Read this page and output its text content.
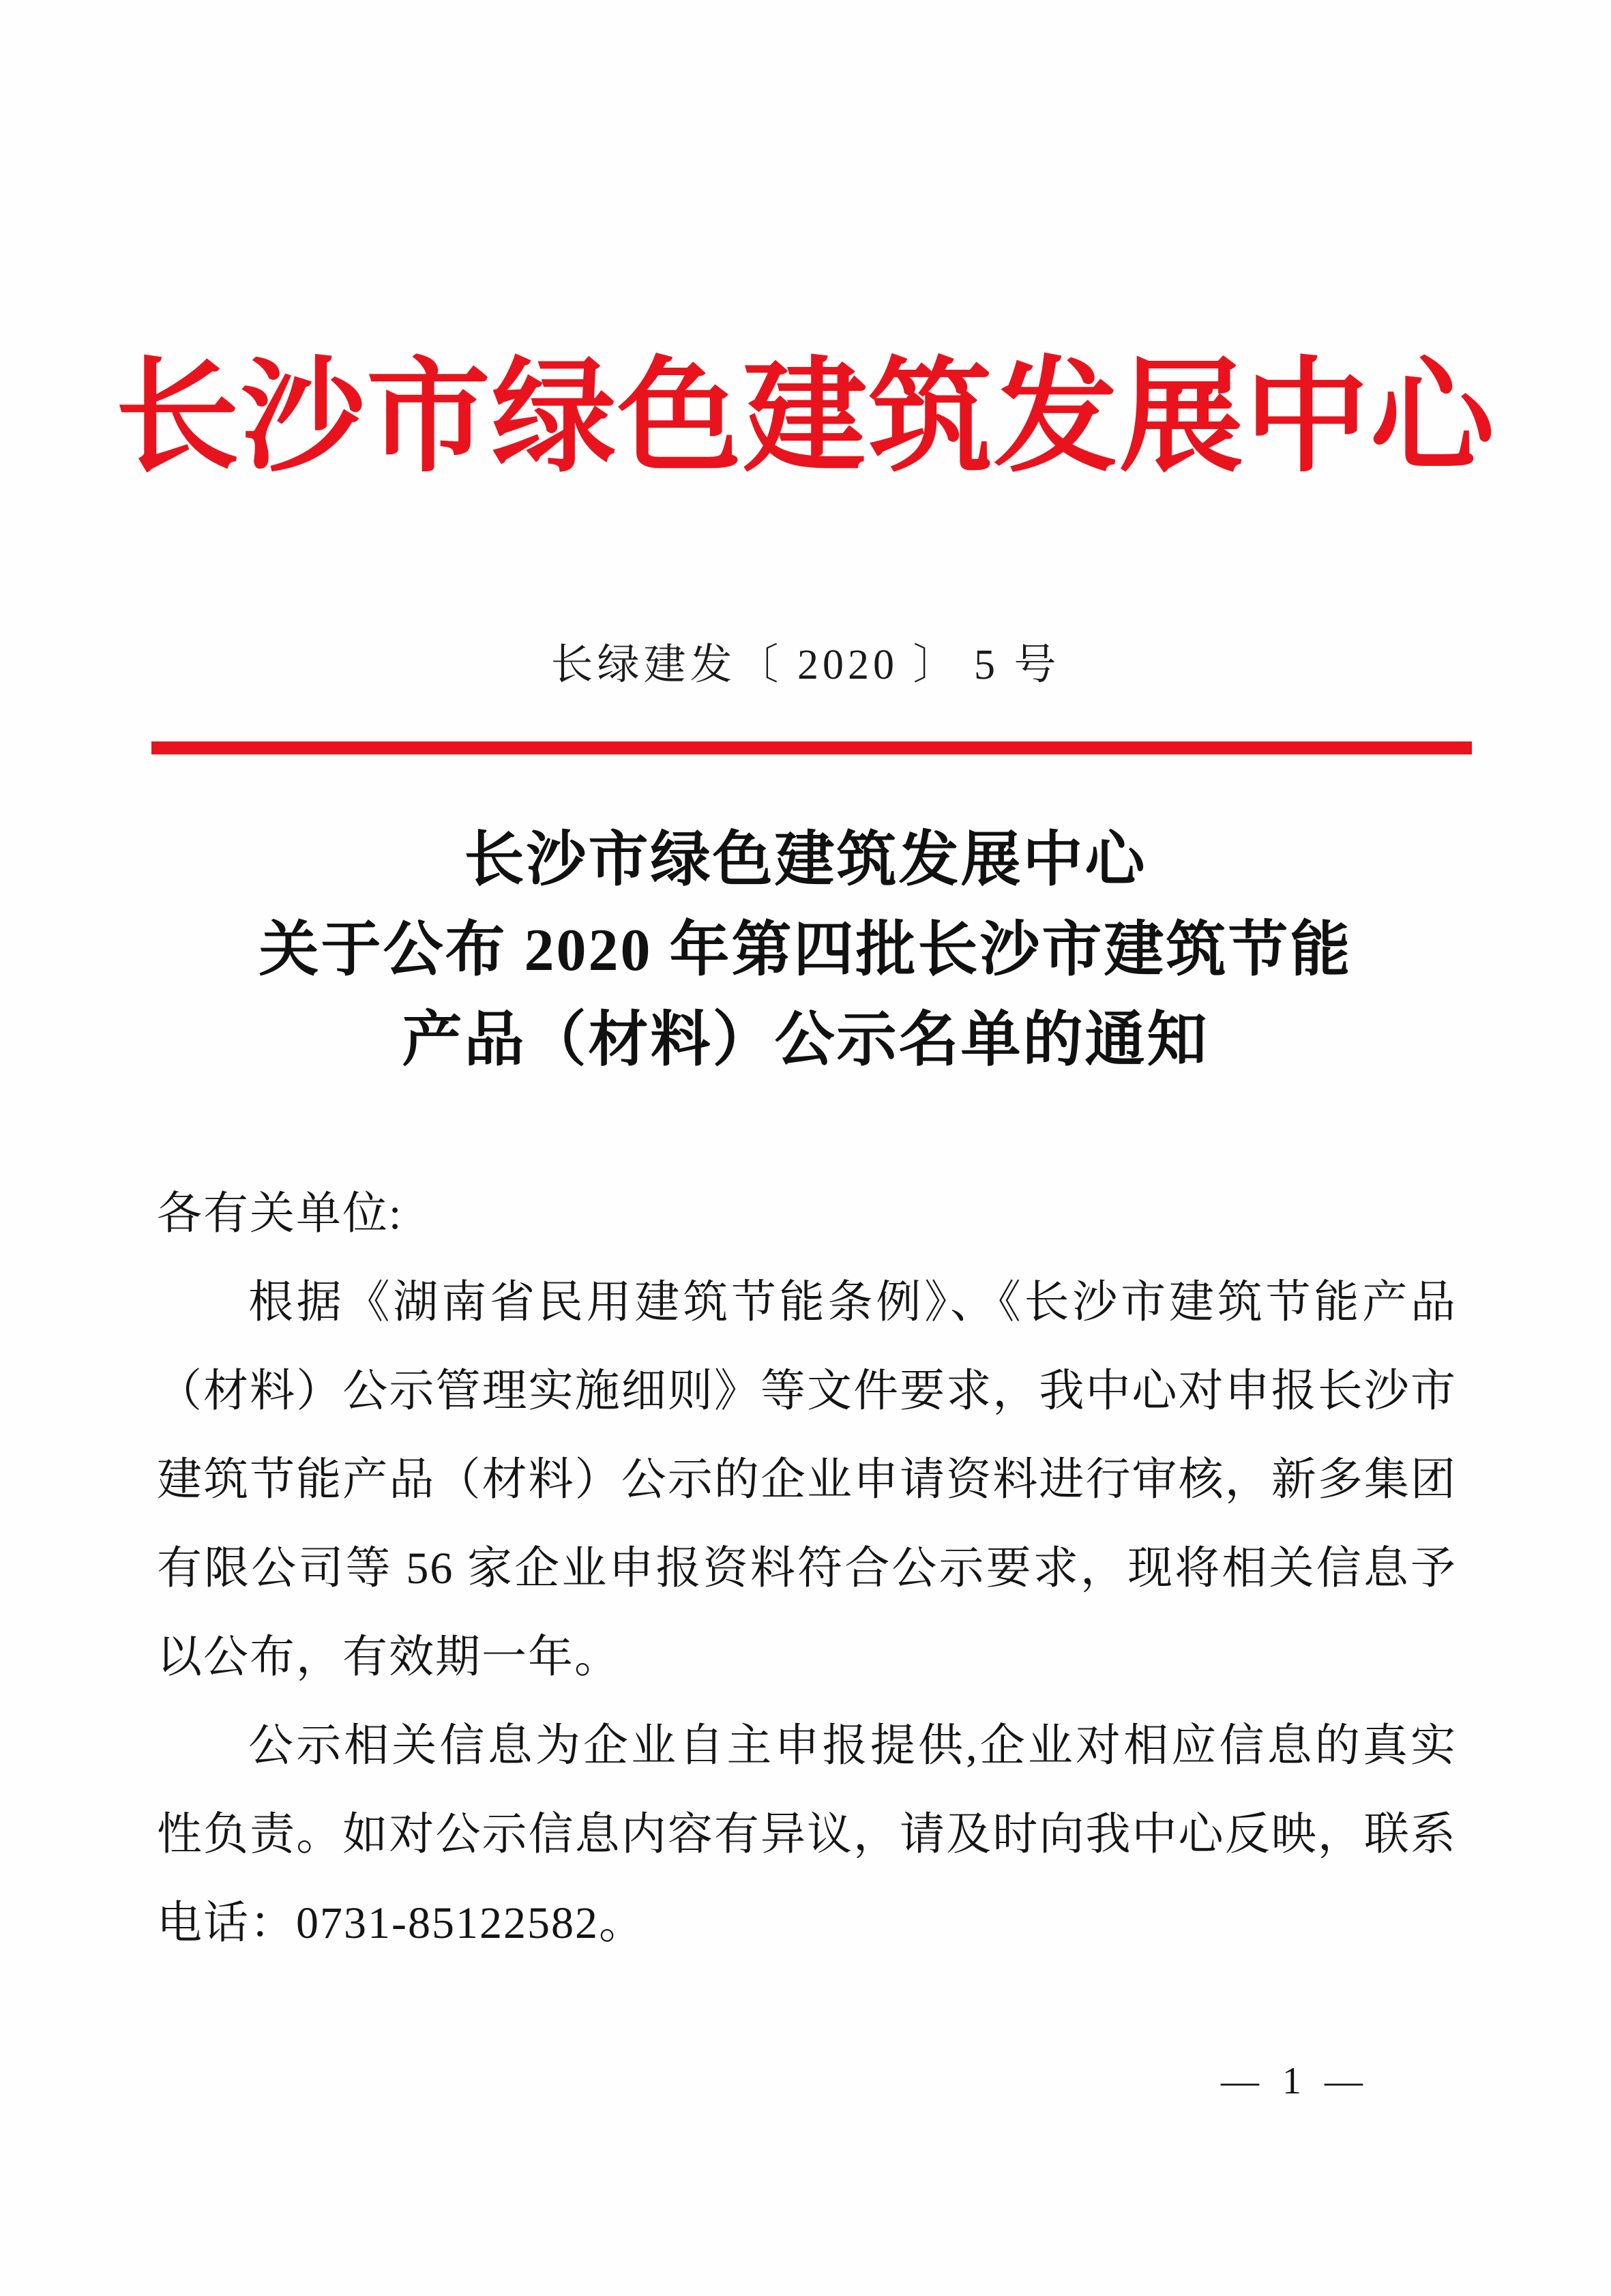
长沙市绿色建筑发展中心
长绿建发〔 2020 〕 5 号
长沙市绿色建筑发展中心
关于公布 2020 年第四批长沙市建筑节能
产品（材料）公示名单的通知
各有关单位:
根据《湖南省民用建筑节能条例》、《长沙市建筑节能产品
（材料）公示管理实施细则》等文件要求，我中心对申报长沙市
建筑节能产品（材料）公示的企业申请资料进行审核，新多集团
有限公司等 56 家企业申报资料符合公示要求，现将相关信息予
以公布，有效期一年。
公示相关信息为企业自主申报提供,企业对相应信息的真实
性负责。如对公示信息内容有异议，请及时向我中心反映，联系
电话：0731-85122582。
— 1 —
